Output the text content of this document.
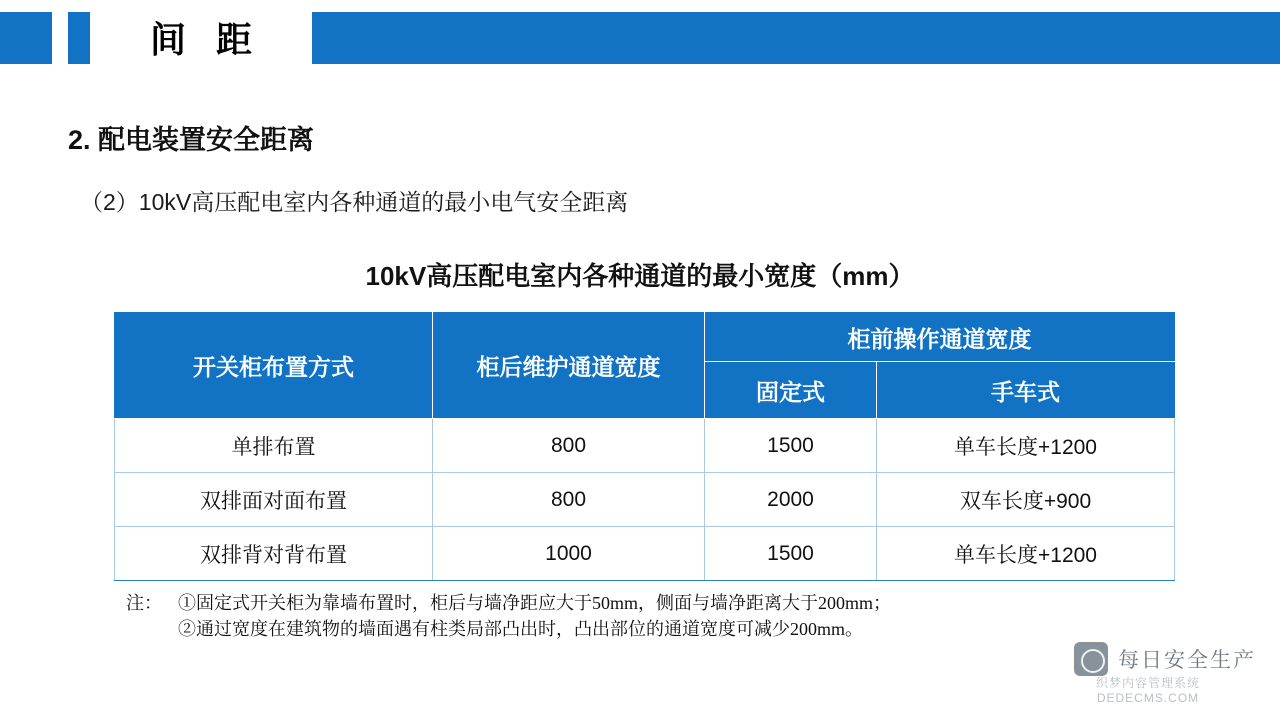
间 距
2. 配电装置安全距离
（2）10kV高压配电室内各种通道的最小电气安全距离
10kV高压配电室内各种通道的最小宽度（mm）
开关柜布置方式	柜后维护通道宽度	柜前操作通道宽度	
		固定式	手车式
单排布置	800	1500	单车长度+1200
双排面对面布置	800	2000	双车长度+900
双排背对背布置	1000	1500	单车长度+1200
注： ①固定式开关柜为靠墙布置时，柜后与墙净距应大于50mm，侧面与墙净距离大于200mm；
②通过宽度在建筑物的墙面遇有柱类局部凸出时，凸出部位的通道宽度可减少200mm。
每日安全生产
织梦内容管理系统
DEDECMS.COM
